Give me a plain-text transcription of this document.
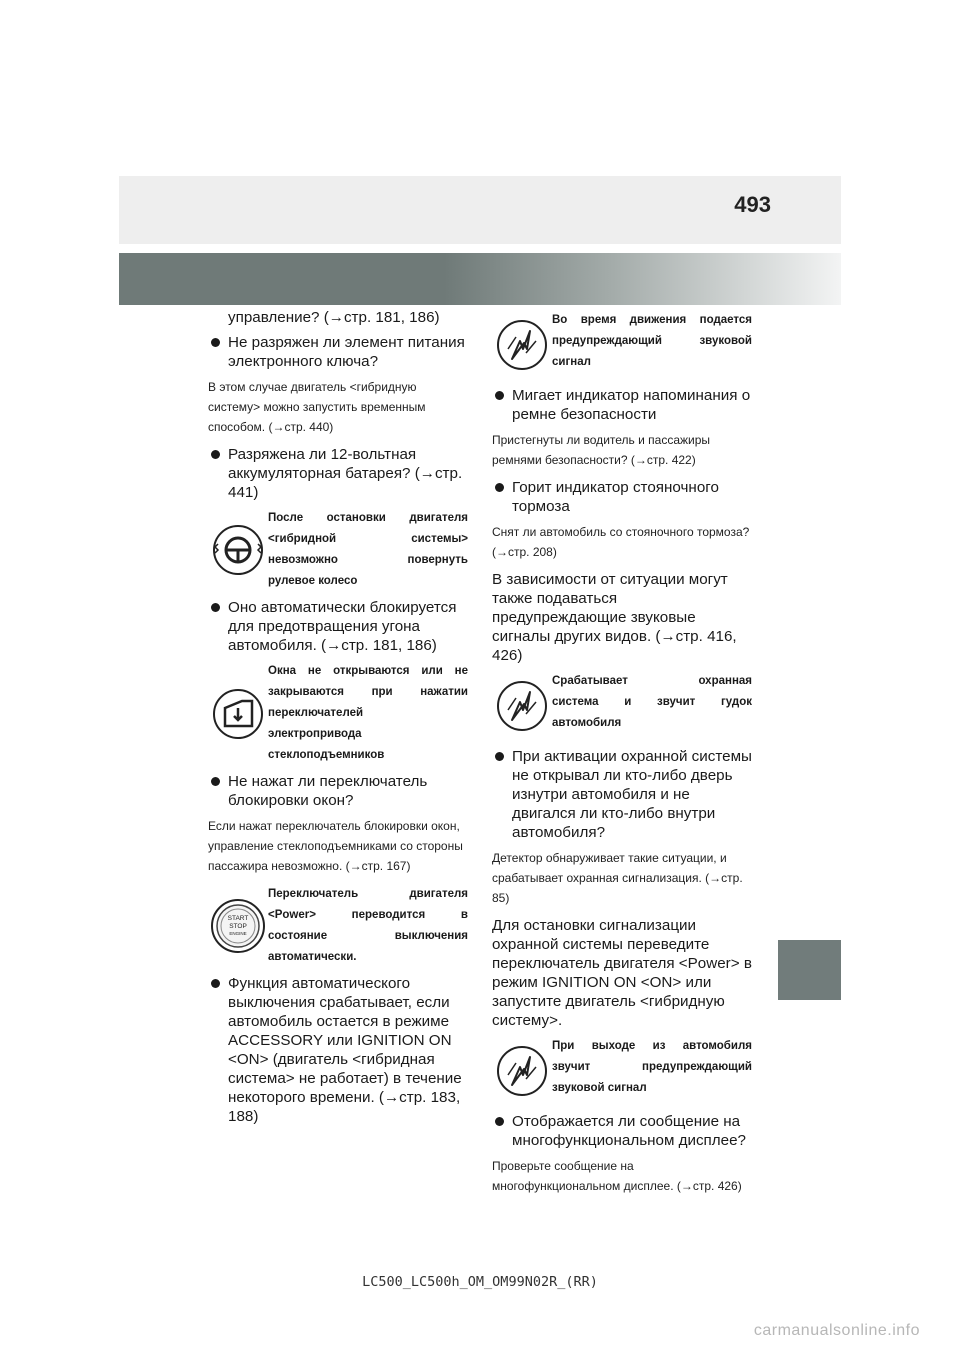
493

управление? (→стр. 181, 186)

Не разряжен ли элемент питания электронного ключа?

В этом случае двигатель <гибридную систему> можно запустить временным способом. (→стр. 440)

Разряжена ли 12-вольтная аккумуляторная батарея? (→стр. 441)
После остановки двигателя
<гибридной системы>
невозможно повернуть
рулевое колесо
Оно автоматически блокируется для предотвращения угона автомобиля. (→стр. 181, 186)
Окна не открываются или не
закрываются при нажатии
переключателей
электропривода
стеклоподъемников
Не нажат ли переключатель блокировки окон?

Если нажат переключатель блокировки окон, управление стеклоподъемниками со стороны пассажира невозможно. (→стр. 167)

START
STOP
ENGINE
Переключатель двигателя
<Power> переводится в
состояние выключения
автоматически.
Функция автоматического выключения срабатывает, если автомобиль остается в режиме ACCESSORY или IGNITION ON <ON> (двигатель <гибридная система> не работает) в течение некоторого времени. (→стр. 183, 188)
Во время движения подается
предупреждающий звуковой
сигнал
Мигает индикатор напоминания о ремне безопасности

Пристегнуты ли водитель и пассажиры ремнями безопасности? (→стр. 422)

Горит индикатор стояночного тормоза

Снят ли автомобиль со стояночного тормоза? (→стр. 208)

В зависимости от ситуации могут также подаваться предупреждающие звуковые сигналы других видов. (→стр. 416, 426)

Срабатывает охранная
система и звучит гудок
автомобиля
При активации охранной системы не открывал ли кто-либо дверь изнутри автомобиля и не двигался ли кто-либо внутри автомобиля?

Детектор обнаруживает такие ситуации, и срабатывает охранная сигнализация. (→стр. 85)

Для остановки сигнализации охранной системы переведите переключатель двигателя <Power> в режим IGNITION ON <ON> или запустите двигатель <гибридную систему>.

При выходе из автомобиля
звучит предупреждающий
звуковой сигнал
Отображается ли сообщение на многофункциональном дисплее?

Проверьте сообщение на многофункциональном дисплее. (→стр. 426)

LC500_LC500h_OM_OM99N02R_(RR)
carmanualsonline.info
